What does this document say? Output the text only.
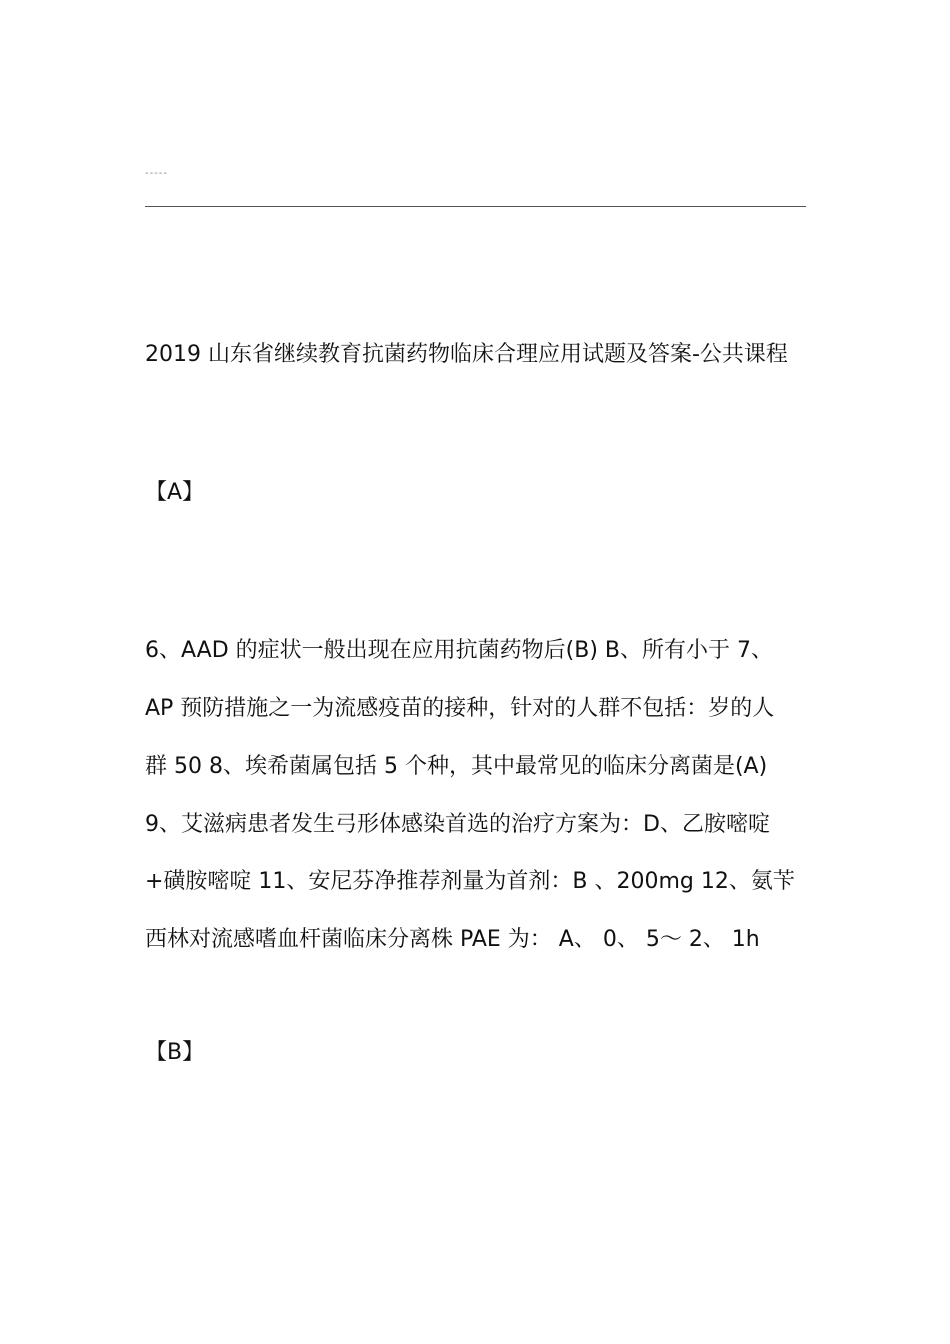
-----
2019 山东省继续教育抗菌药物临床合理应用试题及答案-公共课程
【A】
6、AAD 的症状一般出现在应用抗菌药物后(B) B、所有小于 7、
AP 预防措施之一为流感疫苗的接种，针对的人群不包括：岁的人
群 50 8、埃希菌属包括 5 个种，其中最常见的临床分离菌是(A)
9、艾滋病患者发生弓形体感染首选的治疗方案为：D、乙胺嘧啶
+磺胺嘧啶 11、安尼芬净推荐剂量为首剂：B 、200mg 12、氨苄
西林对流感嗜血杆菌临床分离株 PAE 为： A、 0、 5～ 2、 1h
【B】
